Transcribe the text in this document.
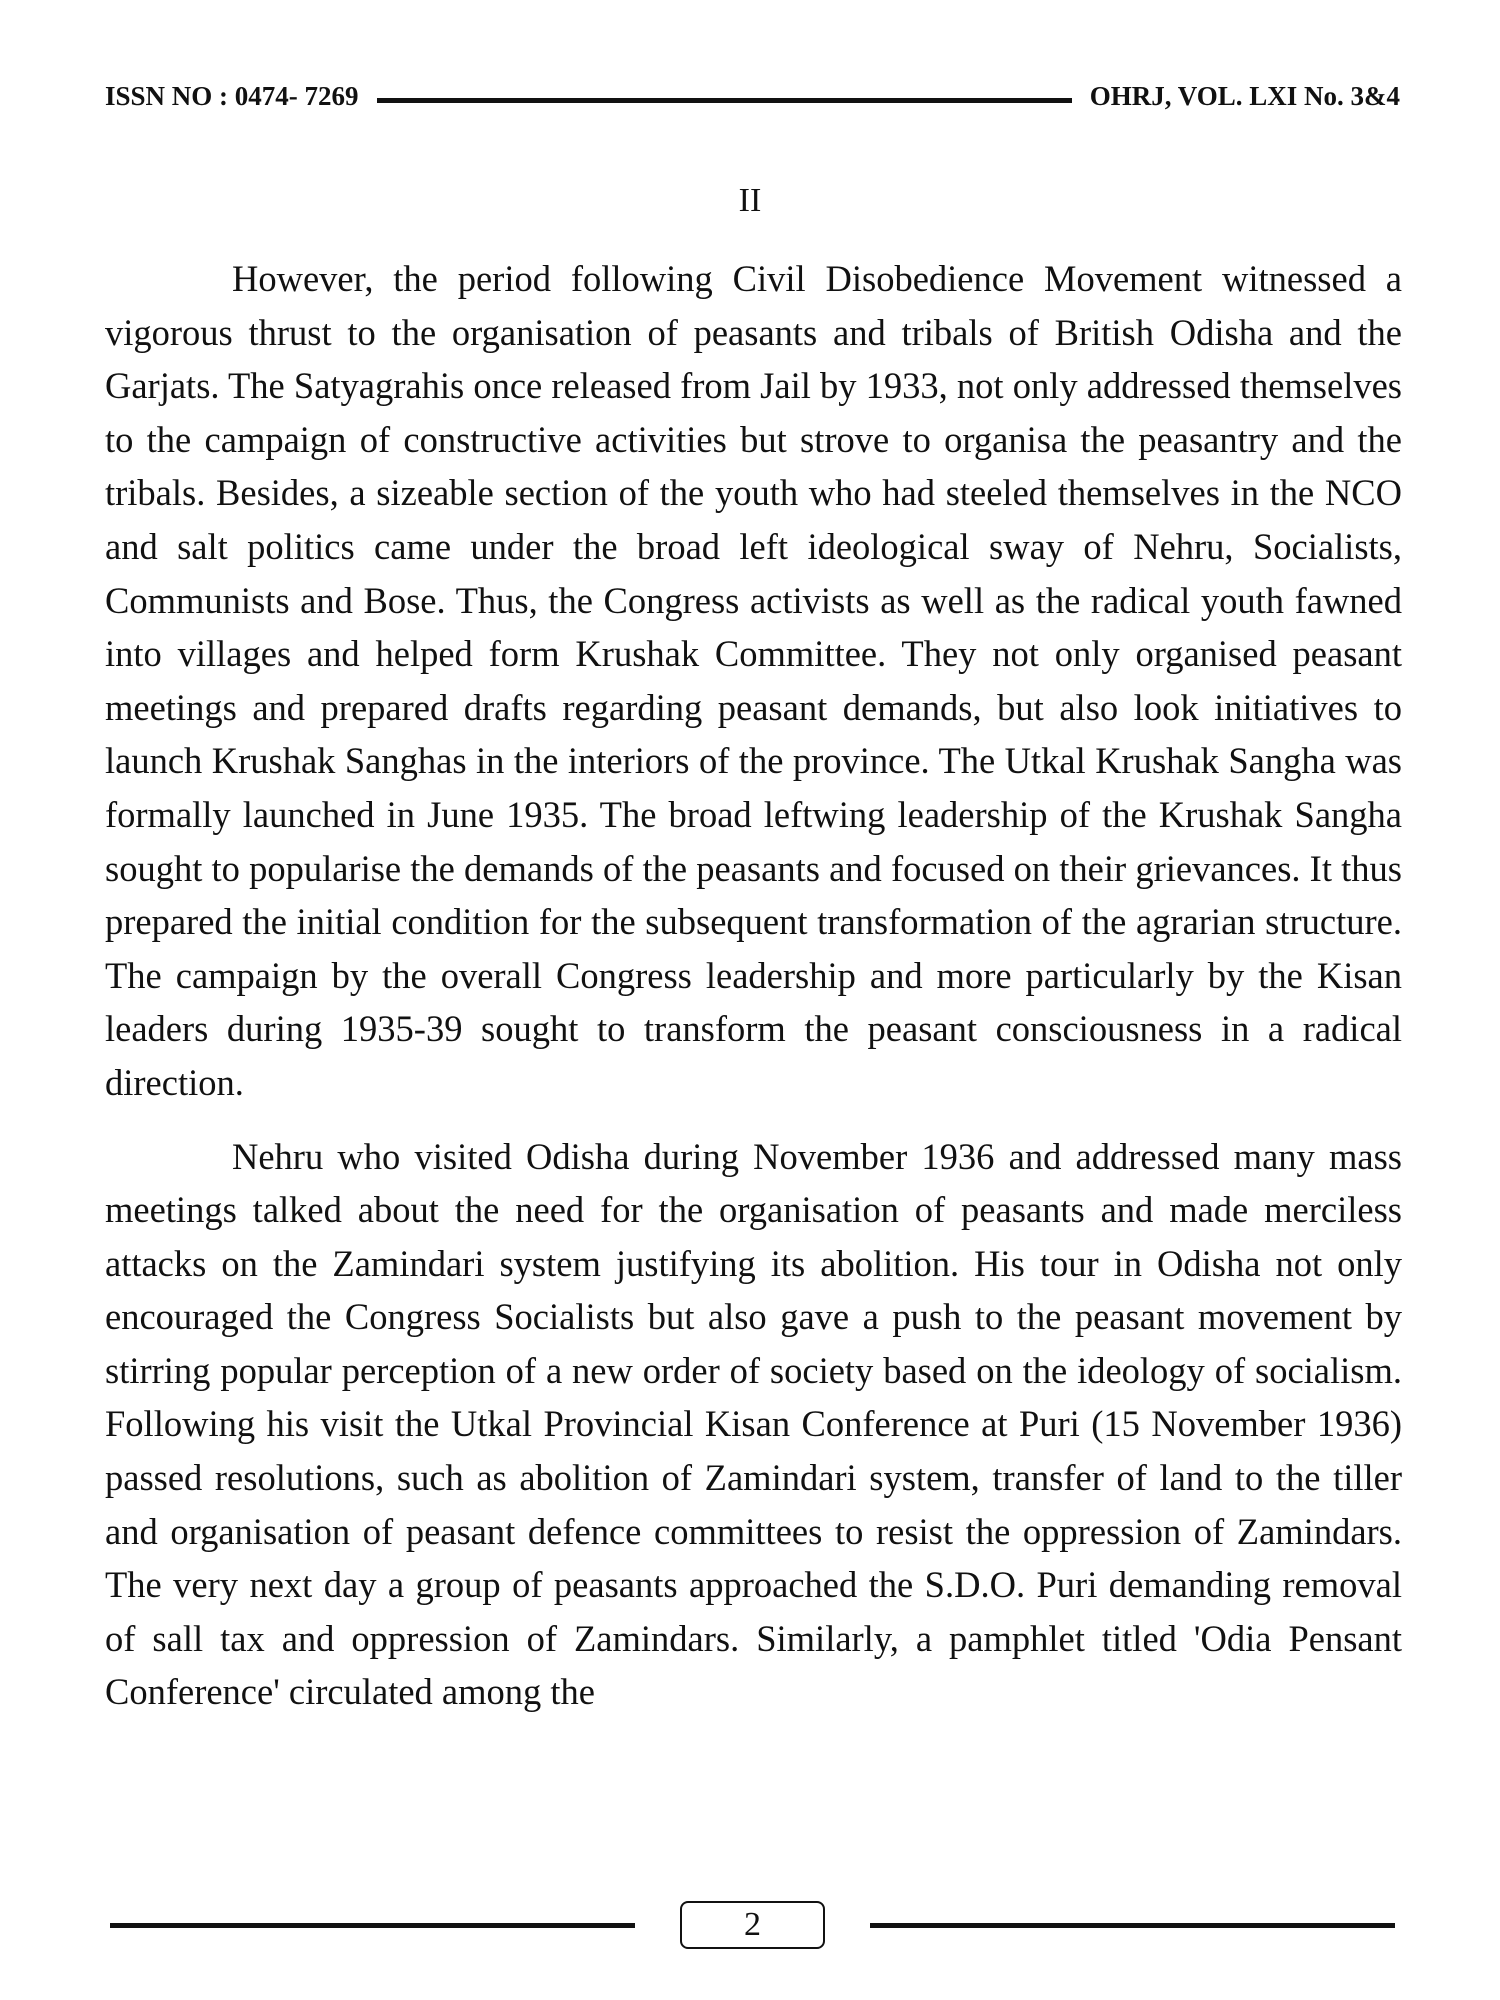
ISSN NO : 0474- 7269	OHRJ, VOL. LXI No. 3&4
II

However, the period following Civil Disobedience Movement witnessed a vigorous thrust to the organisation of peasants and tribals of British Odisha and the Garjats. The Satyagrahis once released from Jail by 1933, not only addressed themselves to the campaign of constructive activities but strove to organisa the peasantry and the tribals. Besides, a sizeable section of the youth who had steeled themselves in the NCO and salt politics came under the broad left ideological sway of Nehru, Socialists, Communists and Bose. Thus, the Congress activists as well as the radical youth fawned into villages and helped form Krushak Committee. They not only organised peasant meetings and prepared drafts regarding peasant demands, but also look initiatives to launch Krushak Sanghas in the interiors of the province. The Utkal Krushak Sangha was formally launched in June 1935. The broad leftwing leadership of the Krushak Sangha sought to popularise the demands of the peasants and focused on their grievances. It thus prepared the initial condition for the subsequent transformation of the agrarian structure. The campaign by the overall Congress leadership and more particularly by the Kisan leaders during 1935-39 sought to transform the peasant consciousness in a radical direction.

Nehru who visited Odisha during November 1936 and addressed many mass meetings talked about the need for the organisation of peasants and made merciless attacks on the Zamindari system justifying its abolition. His tour in Odisha not only encouraged the Congress Socialists but also gave a push to the peasant movement by stirring popular perception of a new order of society based on the ideology of socialism. Following his visit the Utkal Provincial Kisan Conference at Puri (15 November 1936) passed resolutions, such as abolition of Zamindari system, transfer of land to the tiller and organisation of peasant defence committees to resist the oppression of Zamindars. The very next day a group of peasants approached the S.D.O. Puri demanding removal of sall tax and oppression of Zamindars. Similarly, a pamphlet titled 'Odia Pensant Conference' circulated among the

2
